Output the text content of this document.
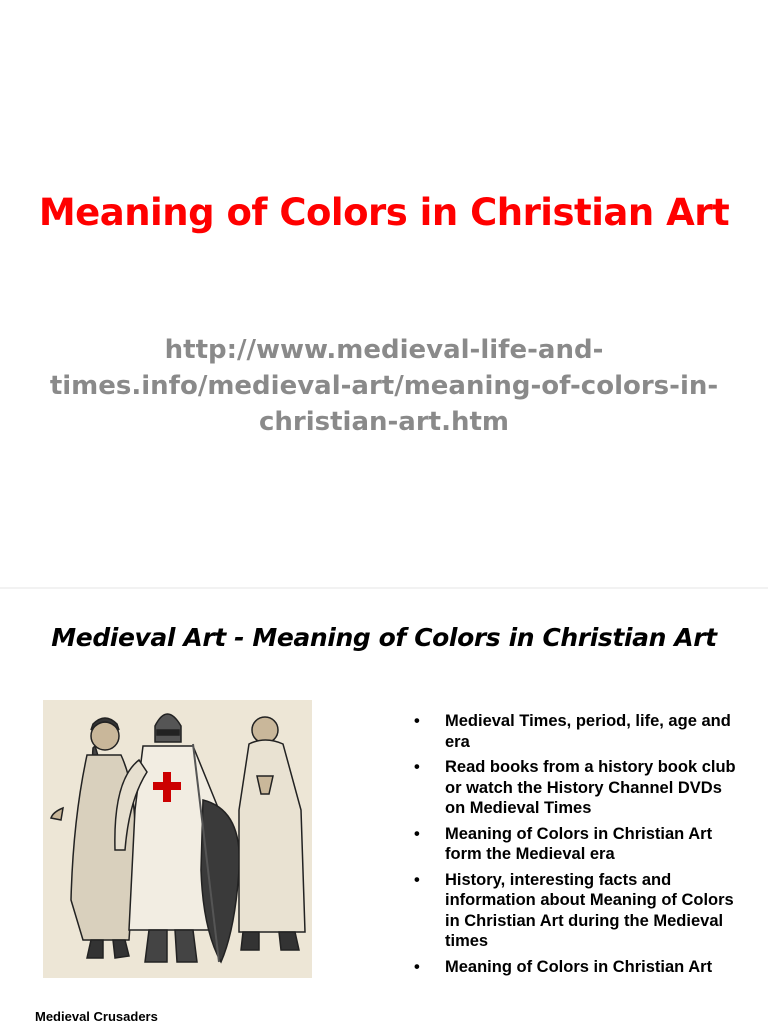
Meaning of Colors in Christian Art
http://www.medieval-life-and-
times.info/medieval-art/meaning-of-colors-in-
christian-art.htm
Medieval Art - Meaning of Colors in Christian Art
Medieval Crusaders
• Medieval Times, period, life, age and era
• Read books from a history book club or watch the History Channel DVDs on Medieval Times
• Meaning of Colors in Christian Art form the Medieval era
• History, interesting facts and information about Meaning of Colors in Christian Art during the Medieval times
• Meaning of Colors in Christian Art
